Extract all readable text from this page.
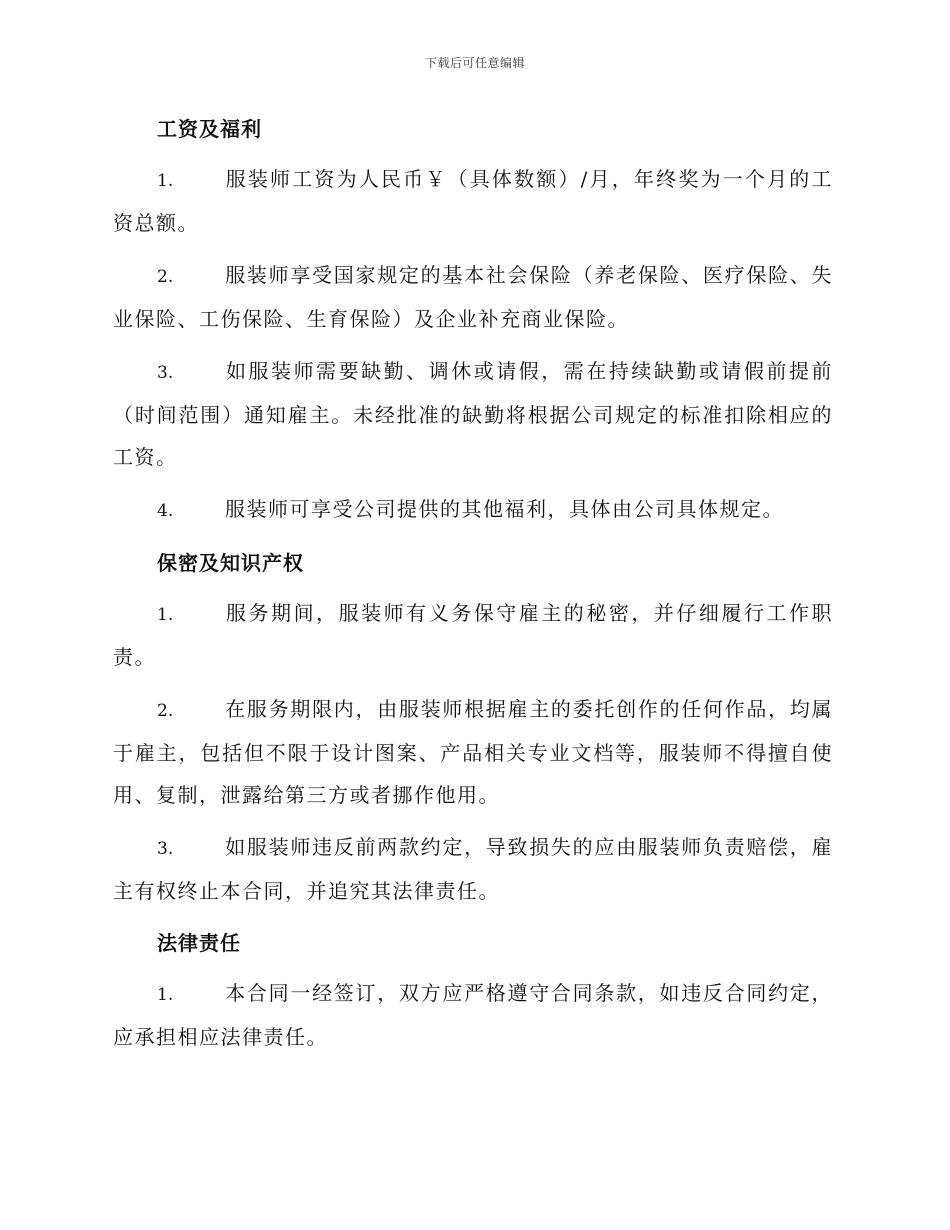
下载后可任意编辑
工资及福利

1.	服装师工资为人民币￥（具体数额）/月，年终奖为一个月的工资总额。

2.	服装师享受国家规定的基本社会保险（养老保险、医疗保险、失业保险、工伤保险、生育保险）及企业补充商业保险。

3.	如服装师需要缺勤、调休或请假，需在持续缺勤或请假前提前（时间范围）通知雇主。未经批准的缺勤将根据公司规定的标准扣除相应的工资。

4.	服装师可享受公司提供的其他福利，具体由公司具体规定。

保密及知识产权

1.	服务期间，服装师有义务保守雇主的秘密，并仔细履行工作职责。

2.	在服务期限内，由服装师根据雇主的委托创作的任何作品，均属于雇主，包括但不限于设计图案、产品相关专业文档等，服装师不得擅自使用、复制，泄露给第三方或者挪作他用。

3.	如服装师违反前两款约定，导致损失的应由服装师负责赔偿，雇主有权终止本合同，并追究其法律责任。

法律责任

1.	本合同一经签订，双方应严格遵守合同条款，如违反合同约定，应承担相应法律责任。
